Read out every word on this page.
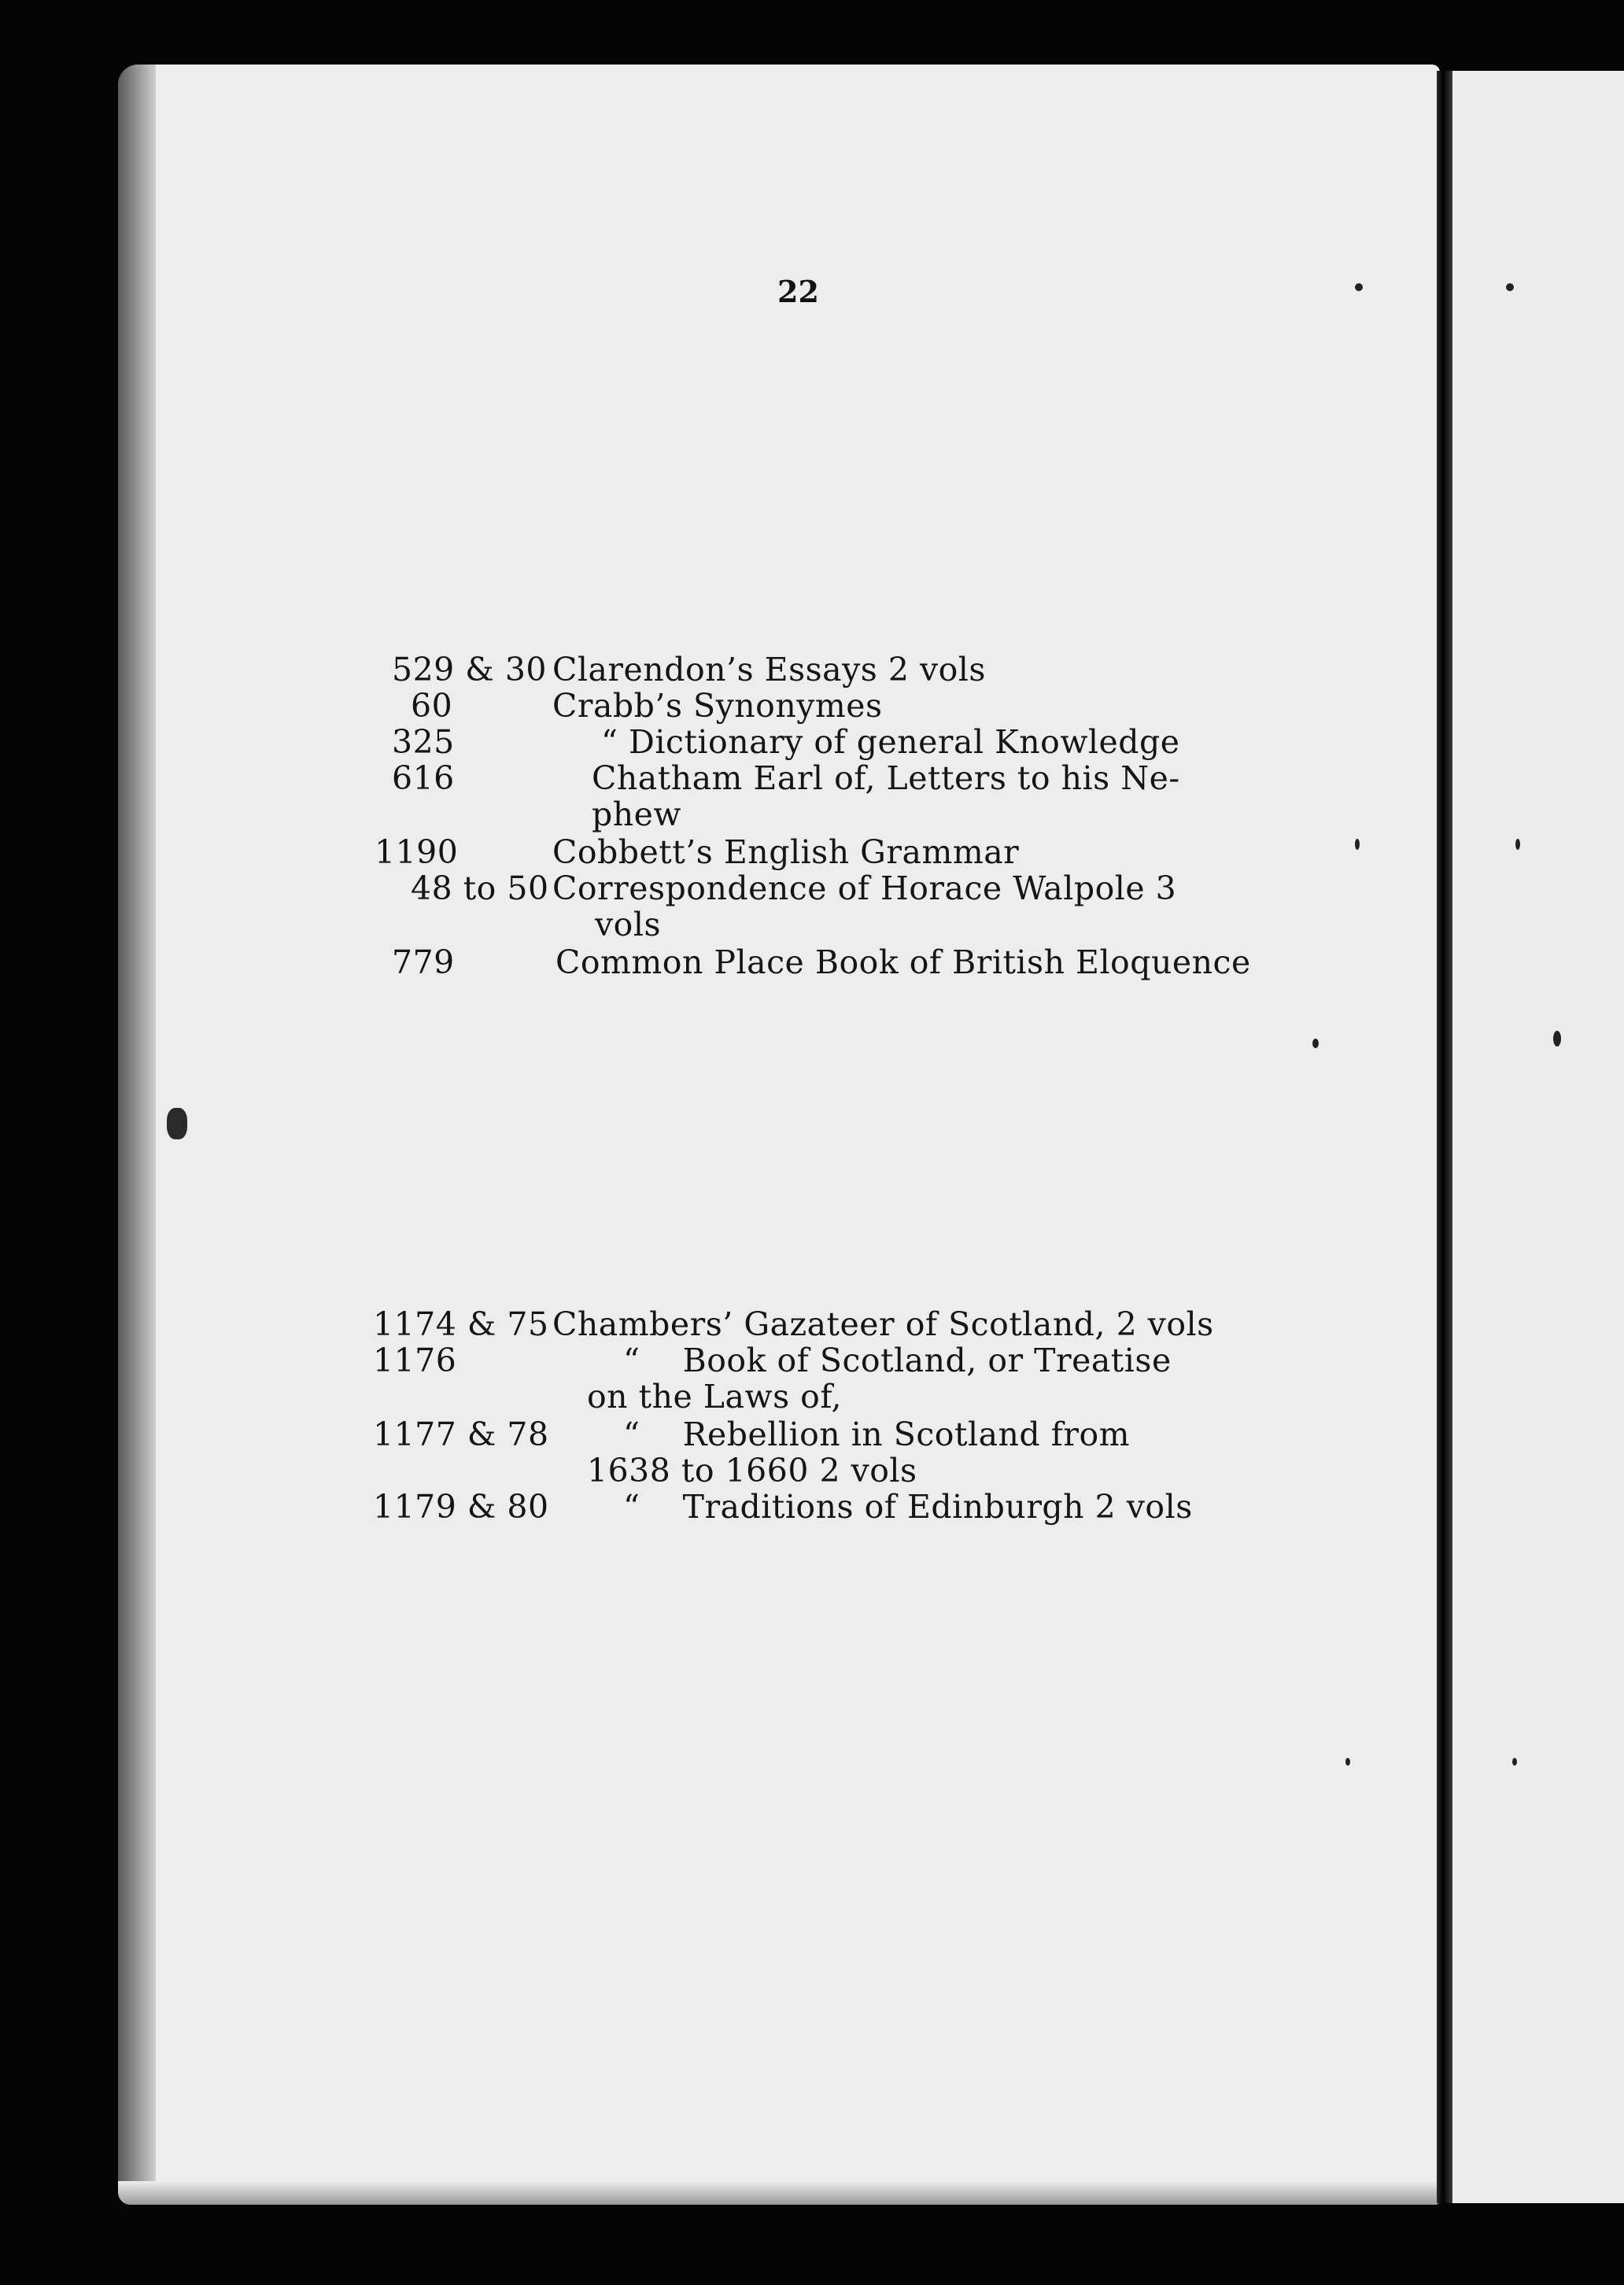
22
529 & 30 Clarendon’s Essays 2 vols
60	Crabb’s Synonymes
325	“ Dictionary of general Knowledge
616	Chatham Earl of, Letters to his Ne-
phew
1190	Cobbett’s English Grammar
48 to 50 Correspondence of Horace Walpole 3
vols
779	Common Place Book of British Eloquence
1174 & 75 Chambers’ Gazateer of Scotland, 2 vols
1176	“    Book of Scotland, or Treatise
on the Laws of,
1177 & 78 “    Rebellion in Scotland from
1638 to 1660 2 vols
1179 & 80 “    Traditions of Edinburgh 2 vols
